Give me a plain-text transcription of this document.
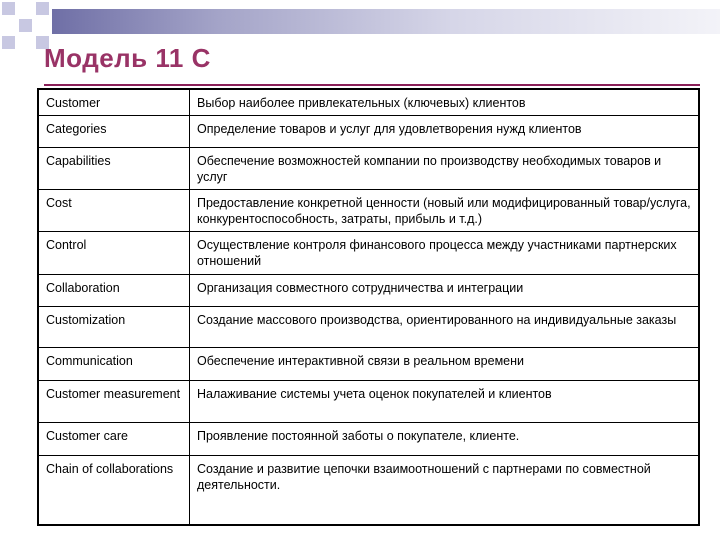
Модель 11 С
Customer	Выбор наиболее привлекательных (ключевых) клиентов
Categories	Определение товаров и услуг для удовлетворения нужд клиентов
Capabilities	Обеспечение возможностей компании по производству необходимых товаров и услуг
Cost	Предоставление конкретной ценности (новый или модифицированный товар/услуга, конкурентоспособность, затраты, прибыль и т.д.)
Control	Осуществление контроля финансового процесса между участниками партнерских отношений
Collaboration	Организация совместного сотрудничества и интеграции
Customization	Создание массового производства, ориентированного на индивидуальные заказы
Communication	Обеспечение интерактивной связи в реальном времени
Customer measurement	Налаживание системы учета оценок покупателей и клиентов
Customer care	Проявление постоянной заботы о покупателе, клиенте.
Chain of collaborations	Создание и развитие цепочки взаимоотношений с партнерами по совместной деятельности.
